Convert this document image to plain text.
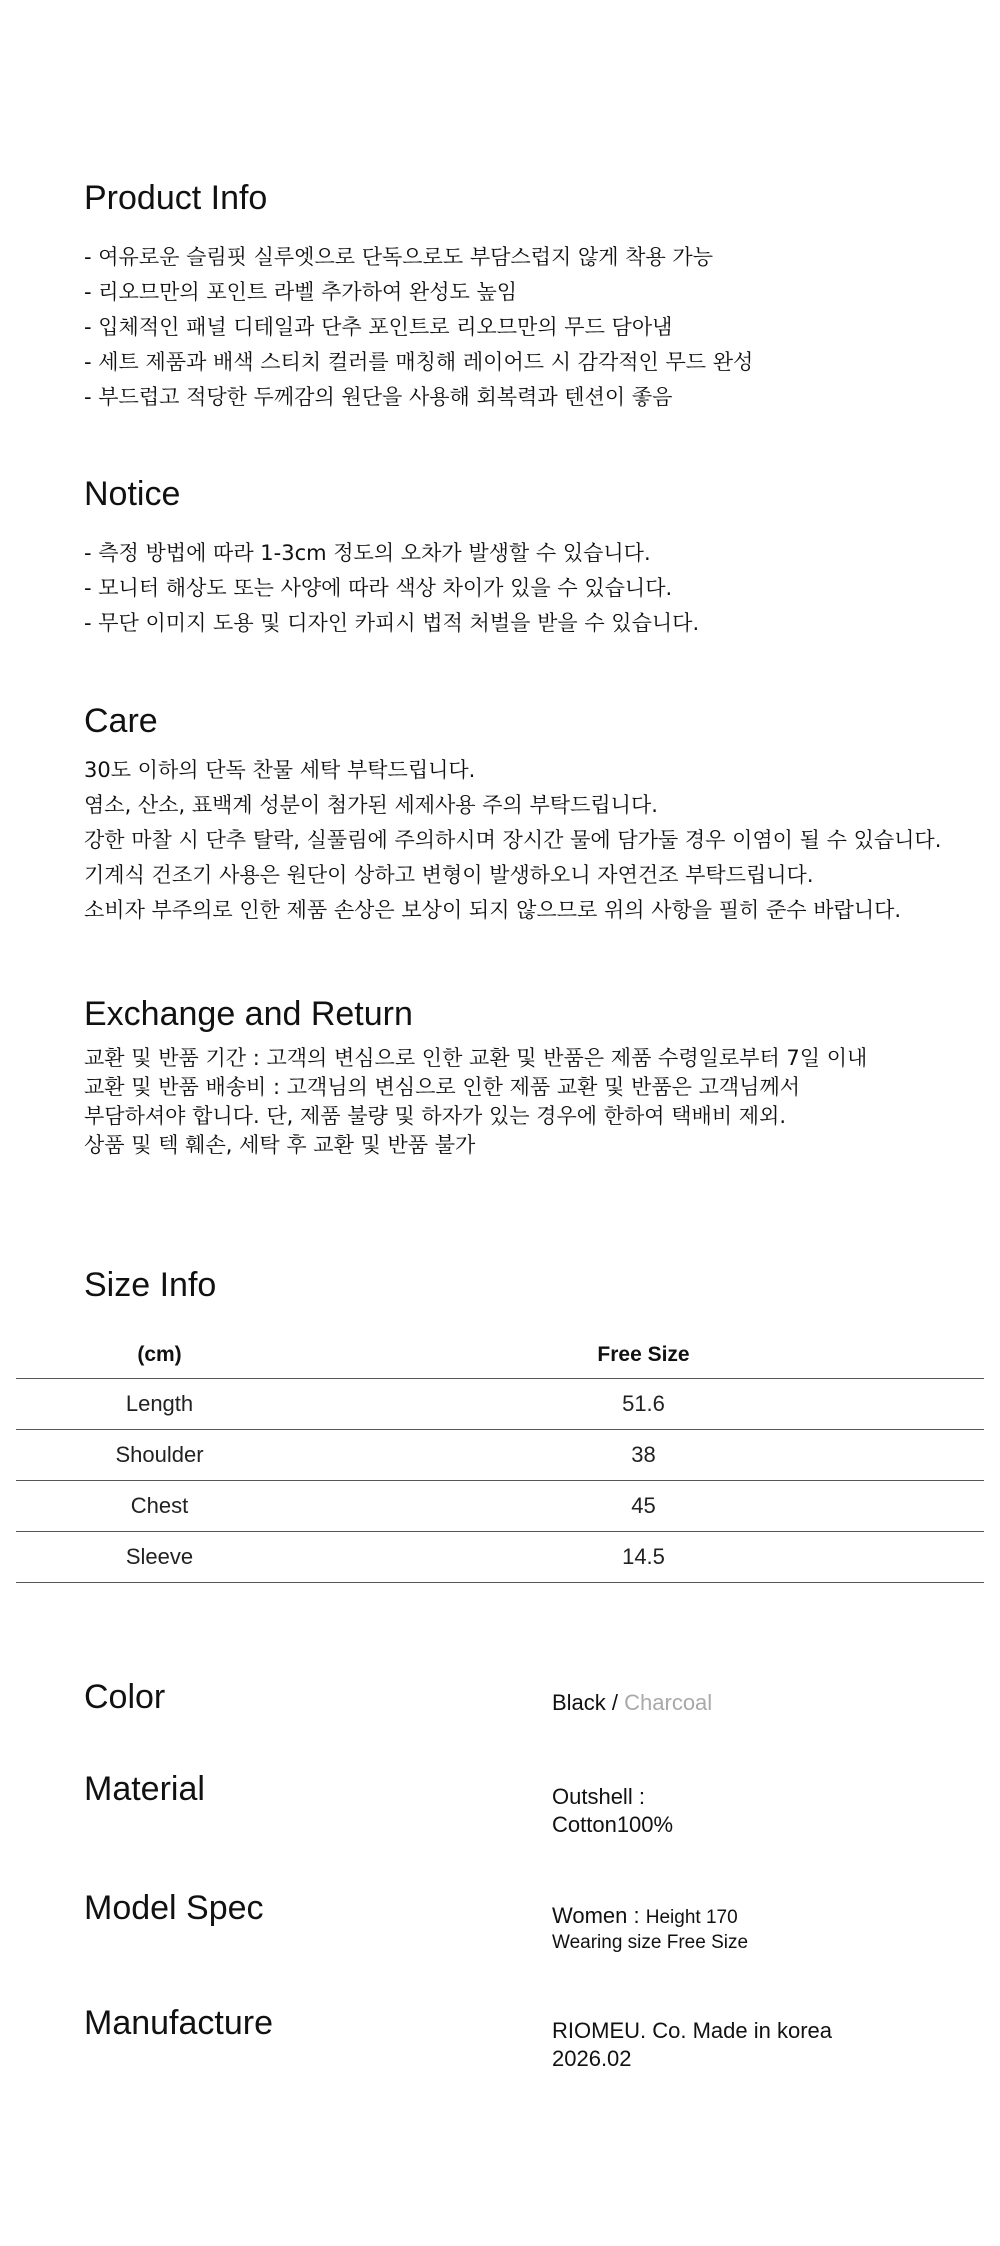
Product Info
- 여유로운 슬림핏 실루엣으로 단독으로도 부담스럽지 않게 착용 가능
- 리오므만의 포인트 라벨 추가하여 완성도 높임
- 입체적인 패널 디테일과 단추 포인트로 리오므만의 무드 담아냄
- 세트 제품과 배색 스티치 컬러를 매칭해 레이어드 시 감각적인 무드 완성
- 부드럽고 적당한 두께감의 원단을 사용해 회복력과 텐션이 좋음
Notice
- 측정 방법에 따라 1-3cm 정도의 오차가 발생할 수 있습니다.
- 모니터 해상도 또는 사양에 따라 색상 차이가 있을 수 있습니다.
- 무단 이미지 도용 및 디자인 카피시 법적 처벌을 받을 수 있습니다.
Care
30도 이하의 단독 찬물 세탁 부탁드립니다.
염소, 산소, 표백계 성분이 첨가된 세제사용 주의 부탁드립니다.
강한 마찰 시 단추 탈락, 실풀림에 주의하시며 장시간 물에 담가둘 경우 이염이 될 수 있습니다.
기계식 건조기 사용은 원단이 상하고 변형이 발생하오니 자연건조 부탁드립니다.
소비자 부주의로 인한 제품 손상은 보상이 되지 않으므로 위의 사항을 필히 준수 바랍니다.
Exchange and Return
교환 및 반품 기간 : 고객의 변심으로 인한 교환 및 반품은 제품 수령일로부터 7일 이내
교환 및 반품 배송비 : 고객님의 변심으로 인한 제품 교환 및 반품은 고객님께서
부담하셔야 합니다. 단, 제품 불량 및 하자가 있는 경우에 한하여 택배비 제외.
상품 및 텍 훼손, 세탁 후 교환 및 반품 불가
Size Info
(cm)	Free Size
Length	51.6
Shoulder	38
Chest	45
Sleeve	14.5
Color	Black / Charcoal
Material	Outshell :
Cotton100%
Model Spec	Women : Height 170
Wearing size Free Size
Manufacture	RIOMEU. Co. Made in korea
2026.02
